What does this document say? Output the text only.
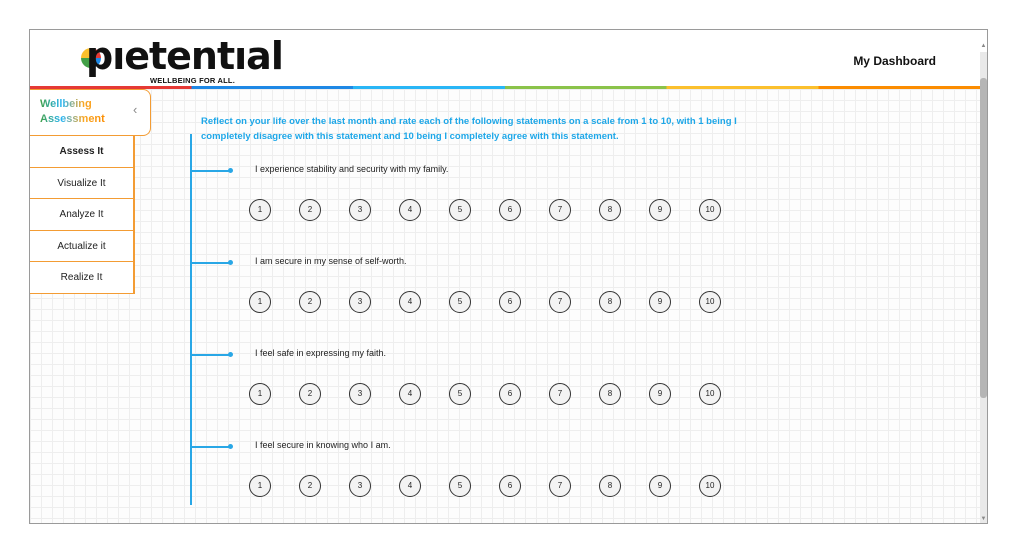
pıetentıal
WELLBEING FOR ALL.
My Dashboard
Wellbeing
Assessment
‹
Assess It
Visualize It
Analyze It
Actualize it
Realize It
Reflect on your life over the last month and rate each of the following statements on a scale from 1 to 10, with 1 being I completely disagree with this statement and 10 being I completely agree with this statement.
I experience stability and security with my family.
1	2	3	4	5	6	7	8	9	10
I am secure in my sense of self-worth.
1	2	3	4	5	6	7	8	9	10
I feel safe in expressing my faith.
1	2	3	4	5	6	7	8	9	10
I feel secure in knowing who I am.
1	2	3	4	5	6	7	8	9	10
▲
▼
